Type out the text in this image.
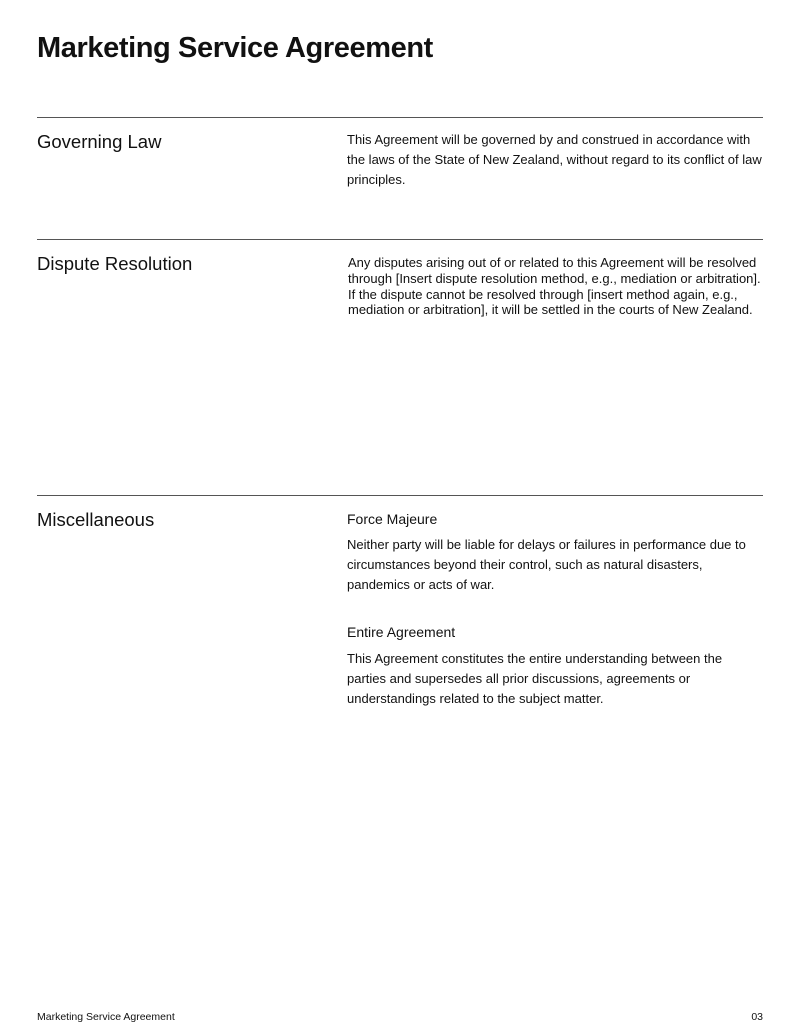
Marketing Service Agreement
Governing Law	This Agreement will be governed by and construed in accordance with the laws of the State of New Zealand, without regard to its conflict of law principles.

Dispute Resolution	Any disputes arising out of or related to this Agreement will be resolved through [Insert dispute resolution method, e.g., mediation or arbitration]. If the dispute cannot be resolved through [insert method again, e.g., mediation or arbitration], it will be settled in the courts of New Zealand.

Miscellaneous	Force Majeure

Neither party will be liable for delays or failures in performance due to circumstances beyond their control, such as natural disasters, pandemics or acts of war.

Entire Agreement

This Agreement constitutes the entire understanding between the parties and supersedes all prior discussions, agreements or understandings related to the subject matter.

Marketing Service Agreement	03
